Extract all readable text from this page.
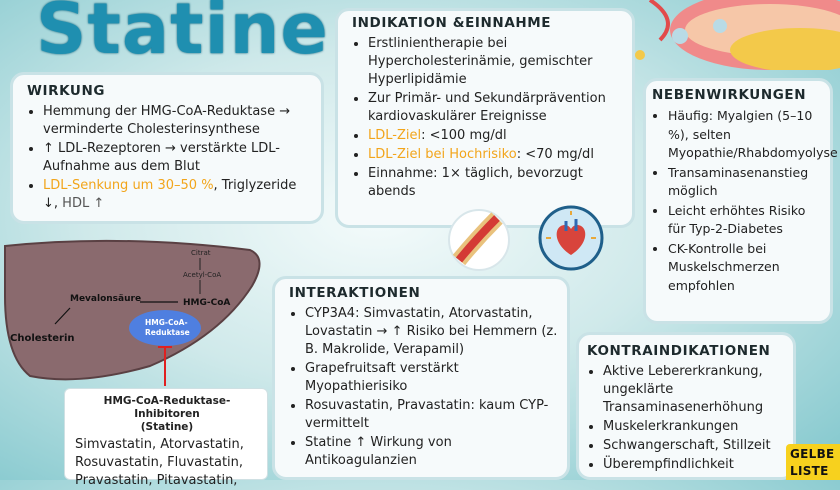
Statine
WIRKUNG
• Hemmung der HMG-CoA-Reduktase → verminderte Cholesterinsynthese
• ↑ LDL-Rezeptoren → verstärkte LDL-Aufnahme aus dem Blut
• LDL-Senkung um 30–50 %, Triglyzeride ↓, HDL ↑
INDIKATION &EINNAHME
• Erstlinientherapie bei Hypercholesterinämie, gemischter Hyperlipidämie
• Zur Primär- und Sekundärprävention kardiovaskulärer Ereignisse
• LDL-Ziel: <100 mg/dl
• LDL-Ziel bei Hochrisiko: <70 mg/dl
• Einnahme: 1× täglich, bevorzugt abends
NEBENWIRKUNGEN
• Häufig: Myalgien (5–10 %), selten Myopathie/Rhabdomyolyse
• Transaminasenanstieg möglich
• Leicht erhöhtes Risiko für Typ-2-Diabetes
• CK-Kontrolle bei Muskelschmerzen empfohlen
Citrat
Acetyl-CoA
HMG-CoA
Mevalonsäure
Cholesterin
HMG-CoA-
Reduktase
HMG-CoA-Reduktase-Inhibitoren
(Statine)
Simvastatin, Atorvastatin, Rosuvastatin, Fluvastatin, Pravastatin, Pitavastatin,
INTERAKTIONEN
• CYP3A4: Simvastatin, Atorvastatin, Lovastatin → ↑ Risiko bei Hemmern (z. B. Makrolide, Verapamil)
• Grapefruitsaft verstärkt Myopathierisiko
• Rosuvastatin, Pravastatin: kaum CYP-vermittelt
• Statine ↑ Wirkung von Antikoagulanzien
KONTRAINDIKATIONEN
• Aktive Lebererkrankung, ungeklärte Transaminasenerhöhung
• Muskelerkrankungen
• Schwangerschaft, Stillzeit
• Überempfindlichkeit
GELBE
LISTE
